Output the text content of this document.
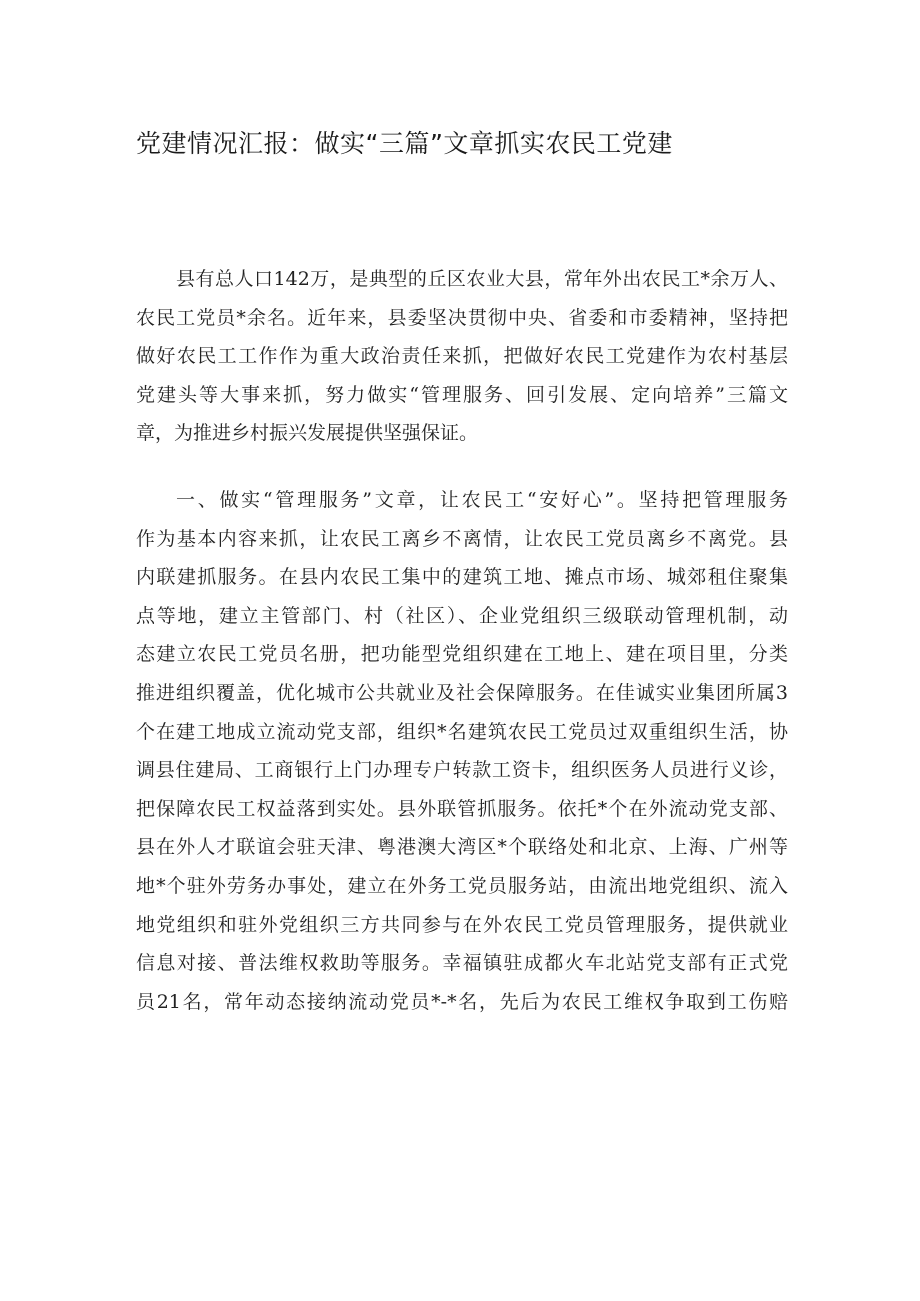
党建情况汇报：做实“三篇”文章抓实农民工党建
县有总人口142万，是典型的丘区农业大县，常年外出农民工*余万人、
农民工党员*余名。近年来，县委坚决贯彻中央、省委和市委精神，坚持把
做好农民工工作作为重大政治责任来抓，把做好农民工党建作为农村基层
党建头等大事来抓，努力做实“管理服务、回引发展、定向培养”三篇文
章，为推进乡村振兴发展提供坚强保证。
一、做实“管理服务”文章，让农民工“安好心”。坚持把管理服务
作为基本内容来抓，让农民工离乡不离情，让农民工党员离乡不离党。县
内联建抓服务。在县内农民工集中的建筑工地、摊点市场、城郊租住聚集
点等地，建立主管部门、村（社区）、企业党组织三级联动管理机制，动
态建立农民工党员名册，把功能型党组织建在工地上、建在项目里，分类
推进组织覆盖，优化城市公共就业及社会保障服务。在佳诚实业集团所属3
个在建工地成立流动党支部，组织*名建筑农民工党员过双重组织生活，协
调县住建局、工商银行上门办理专户转款工资卡，组织医务人员进行义诊，
把保障农民工权益落到实处。县外联管抓服务。依托*个在外流动党支部、
县在外人才联谊会驻天津、粤港澳大湾区*个联络处和北京、上海、广州等
地*个驻外劳务办事处，建立在外务工党员服务站，由流出地党组织、流入
地党组织和驻外党组织三方共同参与在外农民工党员管理服务，提供就业
信息对接、普法维权救助等服务。幸福镇驻成都火车北站党支部有正式党
员21名，常年动态接纳流动党员*-*名，先后为农民工维权争取到工伤赔
